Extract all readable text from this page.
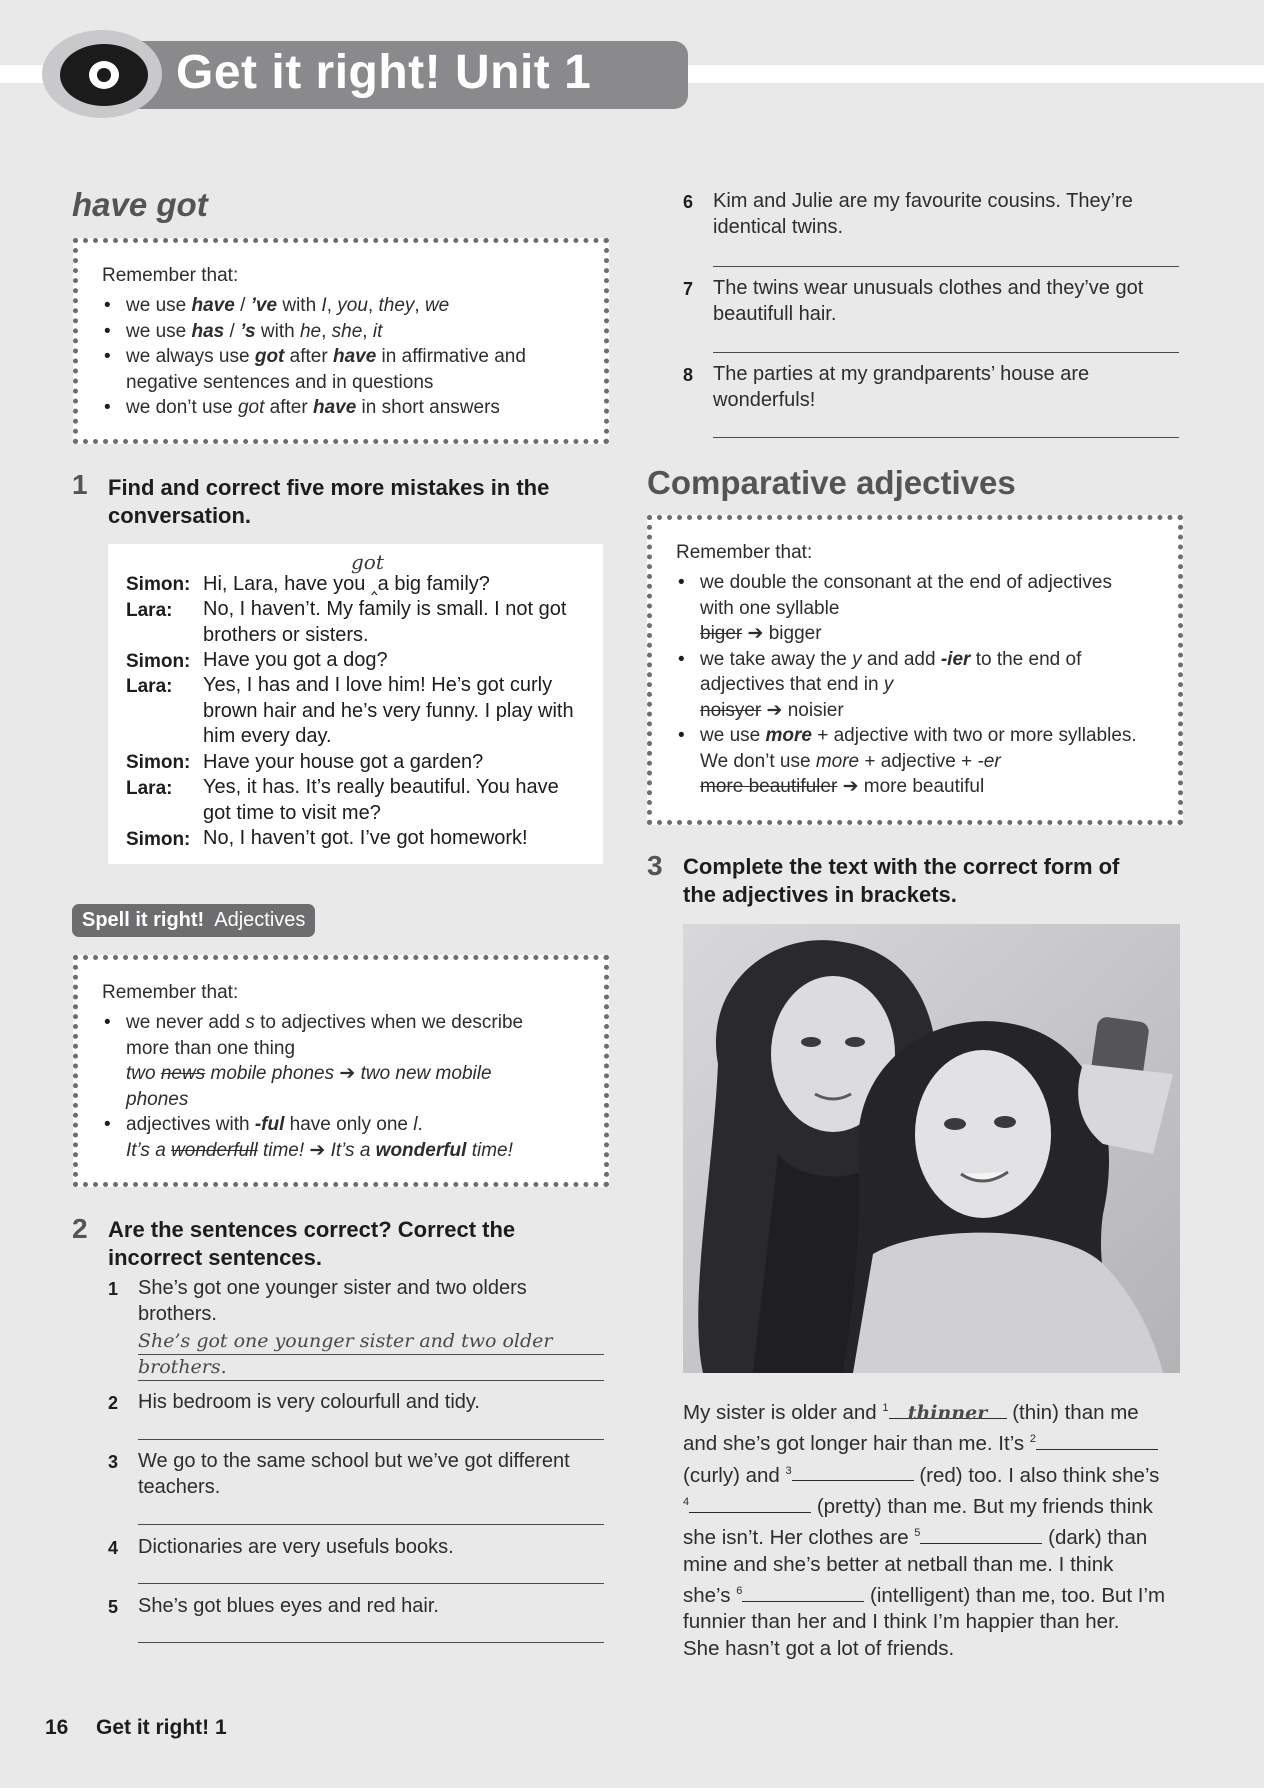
Get it right! Unit 1
have got
Remember that:
• we use have / ’ve with I, you, they, we
• we use has / ’s with he, she, it
• we always use got after have in affirmative and
negative sentences and in questions
• we don’t use got after have in short answers
1 Find and correct five more mistakes in the
conversation.
got
Simon: Hi, Lara, have you ‸a big family?
Lara: No, I haven’t. My family is small. I not got
brothers or sisters.
Simon: Have you got a dog?
Lara: Yes, I has and I love him! He’s got curly
brown hair and he’s very funny. I play with
him every day.
Simon: Have your house got a garden?
Lara: Yes, it has. It’s really beautiful. You have
got time to visit me?
Simon: No, I haven’t got. I’ve got homework!
Spell it right! Adjectives
Remember that:
• we never add s to adjectives when we describe
more than one thing
two news mobile phones ➔ two new mobile
phones
• adjectives with -ful have only one l.
It’s a wonderfull time! ➔ It’s a wonderful time!
2 Are the sentences correct? Correct the
incorrect sentences.
1 She’s got one younger sister and two olders
brothers.
She’s got one younger sister and two older
brothers.
2 His bedroom is very colourfull and tidy.
3 We go to the same school but we’ve got different
teachers.
4 Dictionaries are very usefuls books.
5 She’s got blues eyes and red hair.
6 Kim and Julie are my favourite cousins. They’re
identical twins.
7 The twins wear unusuals clothes and they’ve got
beautifull hair.
8 The parties at my grandparents’ house are
wonderfuls!
Comparative adjectives
Remember that:
• we double the consonant at the end of adjectives
with one syllable
biger ➔ bigger
• we take away the y and add -ier to the end of
adjectives that end in y
noisyer ➔ noisier
• we use more + adjective with two or more syllables.
We don’t use more + adjective + -er
more beautifuler ➔ more beautiful
3 Complete the text with the correct form of
the adjectives in brackets.
My sister is older and $^1$ thinner (thin) than me
and she’s got longer hair than me. It’s $^2$
(curly) and $^3$	(red) too. I also think she’s
$^4$	(pretty) than me. But my friends think
she isn’t. Her clothes are $^5$	(dark) than
mine and she’s better at netball than me. I think
she’s $^6$	(intelligent) than me, too. But I’m
funnier than her and I think I’m happier than her.
She hasn’t got a lot of friends.
16 Get it right! 1
